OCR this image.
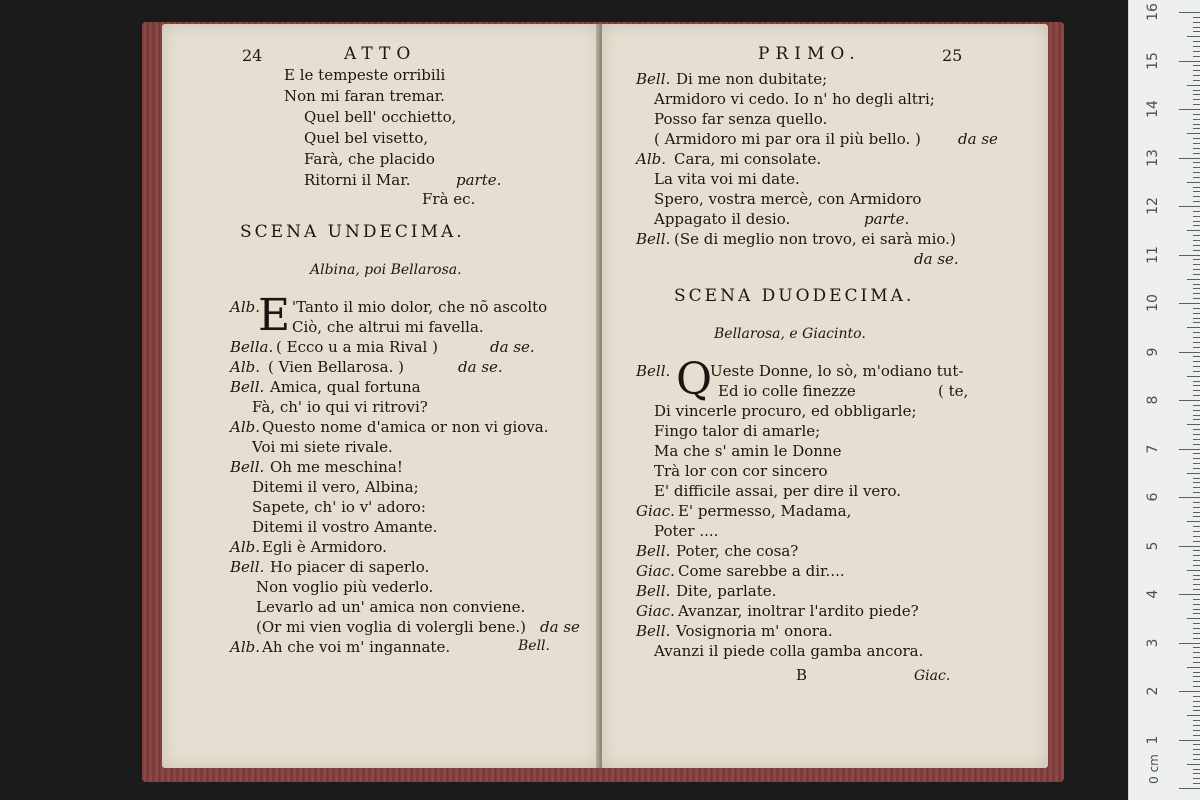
24	ATTO
E le tempeste orribili
Non mi faran tremar.
Quel bell' occhietto,
Quel bel visetto,
Farà, che placido
Ritorni il Mar.	parte.
Frà ec.
SCENA UNDECIMA.
Albina, poi Bellarosa.
E
Alb. 'Tanto il mio dolor, che nõ ascolto
Ciò, che altrui mi favella.
Bella. ( Ecco u a mia Rival )	da se.
Alb. ( Vien Bellarosa. )	da se.
Bell. Amica, qual fortuna
Fà, ch' io qui vi ritrovi?
Alb. Questo nome d'amica or non vi giova.
Voi mi siete rivale.
Bell. Oh me meschina!
Ditemi il vero, Albina;
Sapete, ch' io v' adoro:
Ditemi il vostro Amante.
Alb. Egli è Armidoro.
Bell. Ho piacer di saperlo.
Non voglio più vederlo.
Levarlo ad un' amica non conviene.
(Or mi vien voglia di volergli bene.) da se
Alb. Ah che voi m' ingannate.	Bell.
PRIMO.	25
Bell. Di me non dubitate;
Armidoro vi cedo. Io n' ho degli altri;
Posso far senza quello.
( Armidoro mi par ora il più bello. ) da se
Alb. Cara, mi consolate.
La vita voi mi date.
Spero, vostra mercè, con Armidoro
Appagato il desio.	parte.
Bell. (Se di meglio non trovo, ei sarà mio.)
da se.
SCENA DUODECIMA.
Bellarosa, e Giacinto.
Bell. Q
Ueste Donne, lo sò, m'odiano tut-
Ed io colle finezze	( te,
Di vincerle procuro, ed obbligarle;
Fingo talor di amarle;
Ma che s' amin le Donne
Trà lor con cor sincero
E' difficile assai, per dire il vero.
Giac. E' permesso, Madama,
Poter ....
Bell. Poter, che cosa?
Giac. Come sarebbe a dir....
Bell. Dite, parlate.
Giac. Avanzar, inoltrar l'ardito piede?
Bell. Vosignoria m' onora.
Avanzi il piede colla gamba ancora.
B	Giac.
1
2
3
4
5
6
7
8
9
10
11
12
13
14
15
16
0 cm
